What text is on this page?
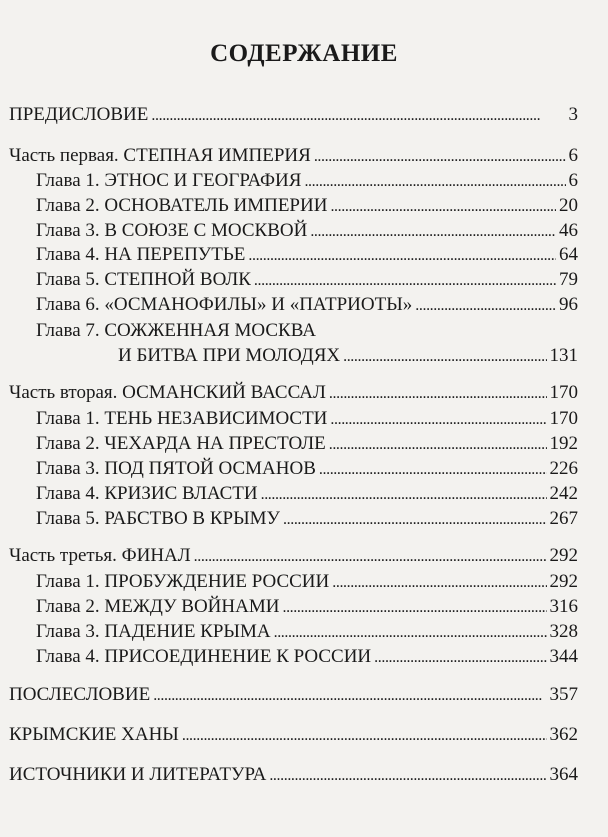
СОДЕРЖАНИЕ
ПРЕДИСЛОВИЕ . . .	3
Часть первая. СТЕПНАЯ ИМПЕРИЯ . . .	6
Глава 1. ЭТНОС И ГЕОГРАФИЯ . . .	6
Глава 2. ОСНОВАТЕЛЬ ИМПЕРИИ . . .	20
Глава 3. В СОЮЗЕ С МОСКВОЙ . . .	46
Глава 4. НА ПЕРЕПУТЬЕ . . .	64
Глава 5. СТЕПНОЙ ВОЛК . . .	79
Глава 6. «ОСМАНОФИЛЫ» И «ПАТРИОТЫ» . . .	96
Глава 7. СОЖЖЕННАЯ МОСКВА
И БИТВА ПРИ МОЛОДЯХ . . .	131
Часть вторая. ОСМАНСКИЙ ВАССАЛ . . .	170
Глава 1. ТЕНЬ НЕЗАВИСИМОСТИ . . .	170
Глава 2. ЧЕХАРДА НА ПРЕСТОЛЕ . . .	192
Глава 3. ПОД ПЯТОЙ ОСМАНОВ . . .	226
Глава 4. КРИЗИС ВЛАСТИ . . .	242
Глава 5. РАБСТВО В КРЫМУ . . .	267
Часть третья. ФИНАЛ . . .	292
Глава 1. ПРОБУЖДЕНИЕ РОССИИ . . .	292
Глава 2. МЕЖДУ ВОЙНАМИ . . .	316
Глава 3. ПАДЕНИЕ КРЫМА . . .	328
Глава 4. ПРИСОЕДИНЕНИЕ К РОССИИ . . .	344
ПОСЛЕСЛОВИЕ . . .	357
КРЫМСКИЕ ХАНЫ . . .	362
ИСТОЧНИКИ И ЛИТЕРАТУРА . . .	364
